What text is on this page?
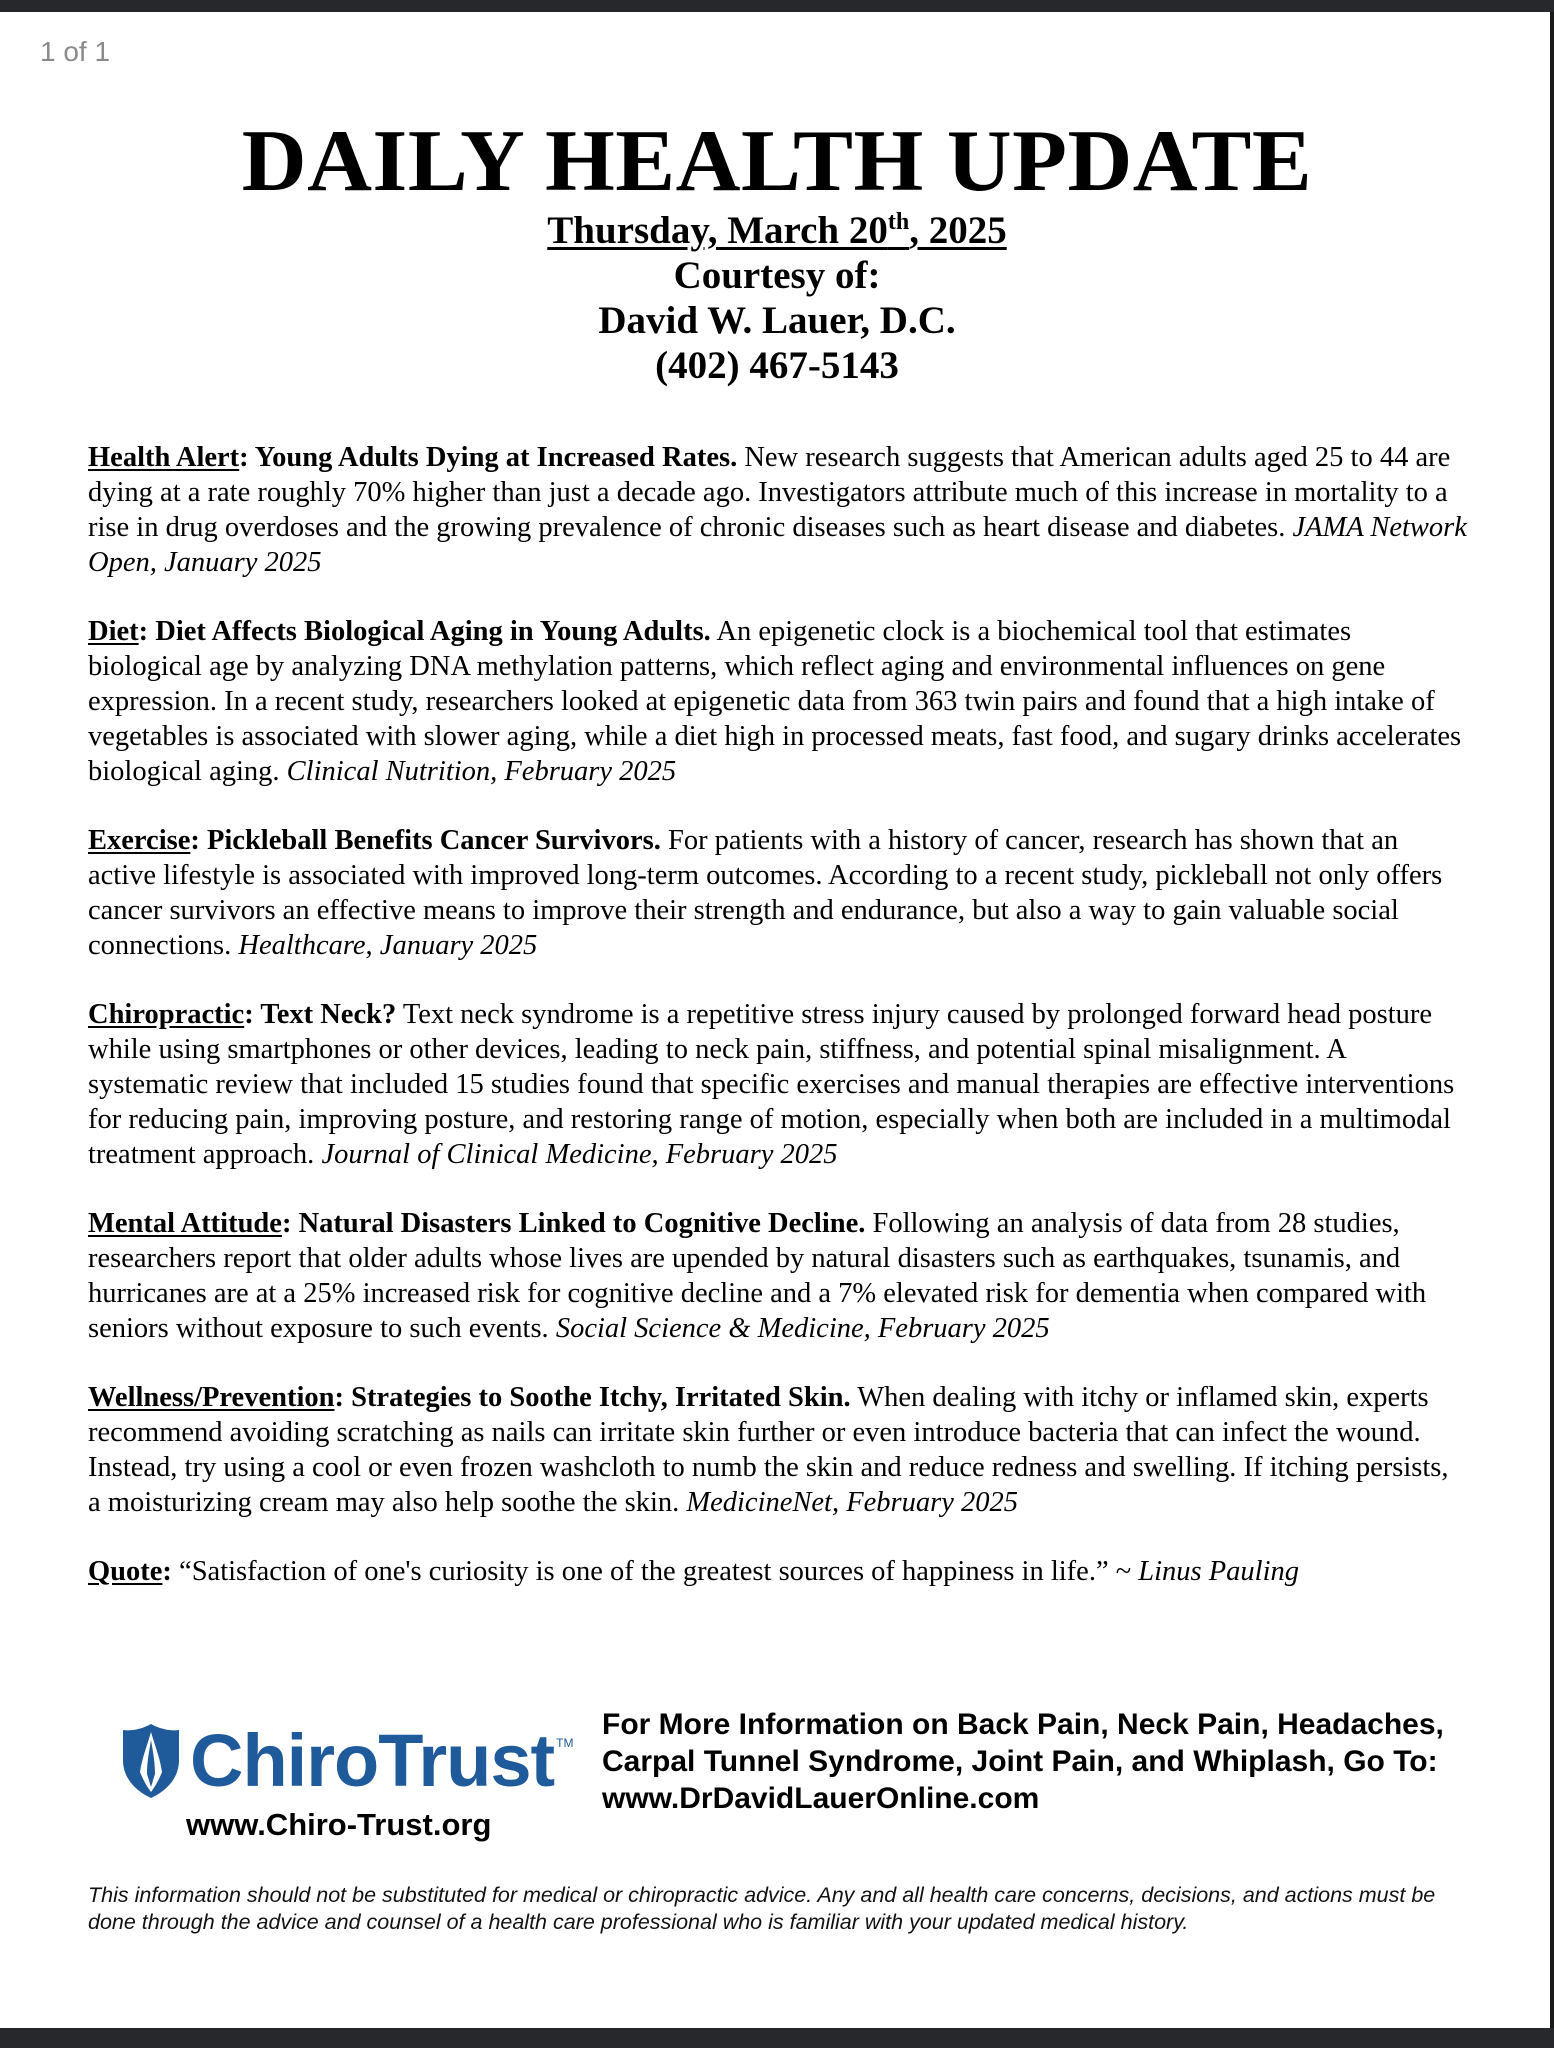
1 of 1
DAILY HEALTH UPDATE
Thursday, March 20th, 2025
Courtesy of:
David W. Lauer, D.C.
(402) 467-5143

Health Alert: Young Adults Dying at Increased Rates. New research suggests that American adults aged 25 to 44 are dying at a rate roughly 70% higher than just a decade ago. Investigators attribute much of this increase in mortality to a rise in drug overdoses and the growing prevalence of chronic diseases such as heart disease and diabetes. JAMA Network Open, January 2025

Diet: Diet Affects Biological Aging in Young Adults. An epigenetic clock is a biochemical tool that estimates biological age by analyzing DNA methylation patterns, which reflect aging and environmental influences on gene expression. In a recent study, researchers looked at epigenetic data from 363 twin pairs and found that a high intake of vegetables is associated with slower aging, while a diet high in processed meats, fast food, and sugary drinks accelerates biological aging. Clinical Nutrition, February 2025

Exercise: Pickleball Benefits Cancer Survivors. For patients with a history of cancer, research has shown that an active lifestyle is associated with improved long-term outcomes. According to a recent study, pickleball not only offers cancer survivors an effective means to improve their strength and endurance, but also a way to gain valuable social connections. Healthcare, January 2025

Chiropractic: Text Neck? Text neck syndrome is a repetitive stress injury caused by prolonged forward head posture while using smartphones or other devices, leading to neck pain, stiffness, and potential spinal misalignment. A systematic review that included 15 studies found that specific exercises and manual therapies are effective interventions for reducing pain, improving posture, and restoring range of motion, especially when both are included in a multimodal treatment approach. Journal of Clinical Medicine, February 2025

Mental Attitude: Natural Disasters Linked to Cognitive Decline. Following an analysis of data from 28 studies, researchers report that older adults whose lives are upended by natural disasters such as earthquakes, tsunamis, and hurricanes are at a 25% increased risk for cognitive decline and a 7% elevated risk for dementia when compared with seniors without exposure to such events. Social Science & Medicine, February 2025

Wellness/Prevention: Strategies to Soothe Itchy, Irritated Skin. When dealing with itchy or inflamed skin, experts recommend avoiding scratching as nails can irritate skin further or even introduce bacteria that can infect the wound. Instead, try using a cool or even frozen washcloth to numb the skin and reduce redness and swelling. If itching persists, a moisturizing cream may also help soothe the skin. MedicineNet, February 2025

Quote: “Satisfaction of one's curiosity is one of the greatest sources of happiness in life.” ~ Linus Pauling

ChiroTrust TM
www.Chiro-Trust.org
For More Information on Back Pain, Neck Pain, Headaches,
Carpal Tunnel Syndrome, Joint Pain, and Whiplash, Go To:
www.DrDavidLauerOnline.com
This information should not be substituted for medical or chiropractic advice. Any and all health care concerns, decisions, and actions must be done through the advice and counsel of a health care professional who is familiar with your updated medical history.
